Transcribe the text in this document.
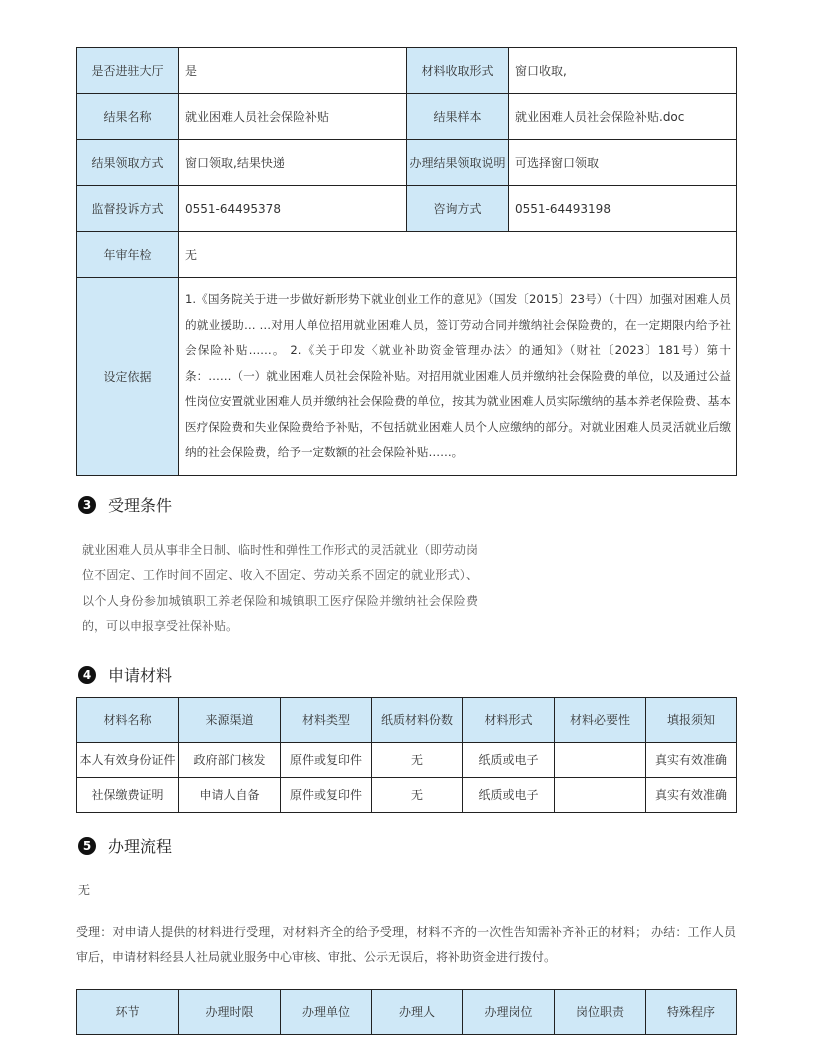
是否进驻大厅	是	材料收取形式	窗口收取,
结果名称	就业困难人员社会保险补贴	结果样本	就业困难人员社会保险补贴.doc
结果领取方式	窗口领取,结果快递	办理结果领取说明	可选择窗口领取
监督投诉方式	0551-64495378	咨询方式	0551-64493198
年审年检	无		
设定依据	1.《国务院关于进一步做好新形势下就业创业工作的意见》（国发〔2015〕23号）（十四）加强对困难人员的就业援助… …对用人单位招用就业困难人员，签订劳动合同并缴纳社会保险费的，在一定期限内给予社会保险补贴……。 2.《关于印发〈就业补助资金管理办法〉的通知》（财社〔2023〕181号）第十条：……（一）就业困难人员社会保险补贴。对招用就业困难人员并缴纳社会保险费的单位，以及通过公益性岗位安置就业困难人员并缴纳社会保险费的单位，按其为就业困难人员实际缴纳的基本养老保险费、基本医疗保险费和失业保险费给予补贴，不包括就业困难人员个人应缴纳的部分。对就业困难人员灵活就业后缴纳的社会保险费，给予一定数额的社会保险补贴……。		
3	受理条件
就业困难人员从事非全日制、临时性和弹性工作形式的灵活就业（即劳动岗位不固定、工作时间不固定、收入不固定、劳动关系不固定的就业形式）、以个人身份参加城镇职工养老保险和城镇职工医疗保险并缴纳社会保险费的，可以申报享受社保补贴。
4	申请材料
材料名称	来源渠道	材料类型	纸质材料份数	材料形式	材料必要性	填报须知
本人有效身份证件	政府部门核发	原件或复印件	无	纸质或电子		真实有效准确
社保缴费证明	申请人自备	原件或复印件	无	纸质或电子		真实有效准确
5	办理流程
无
受理：对申请人提供的材料进行受理，对材料齐全的给予受理，材料不齐的一次性告知需补齐补正的材料； 办结：工作人员审后，申请材料经县人社局就业服务中心审核、审批、公示无误后，将补助资金进行拨付。
环节	办理时限	办理单位	办理人	办理岗位	岗位职责	特殊程序
